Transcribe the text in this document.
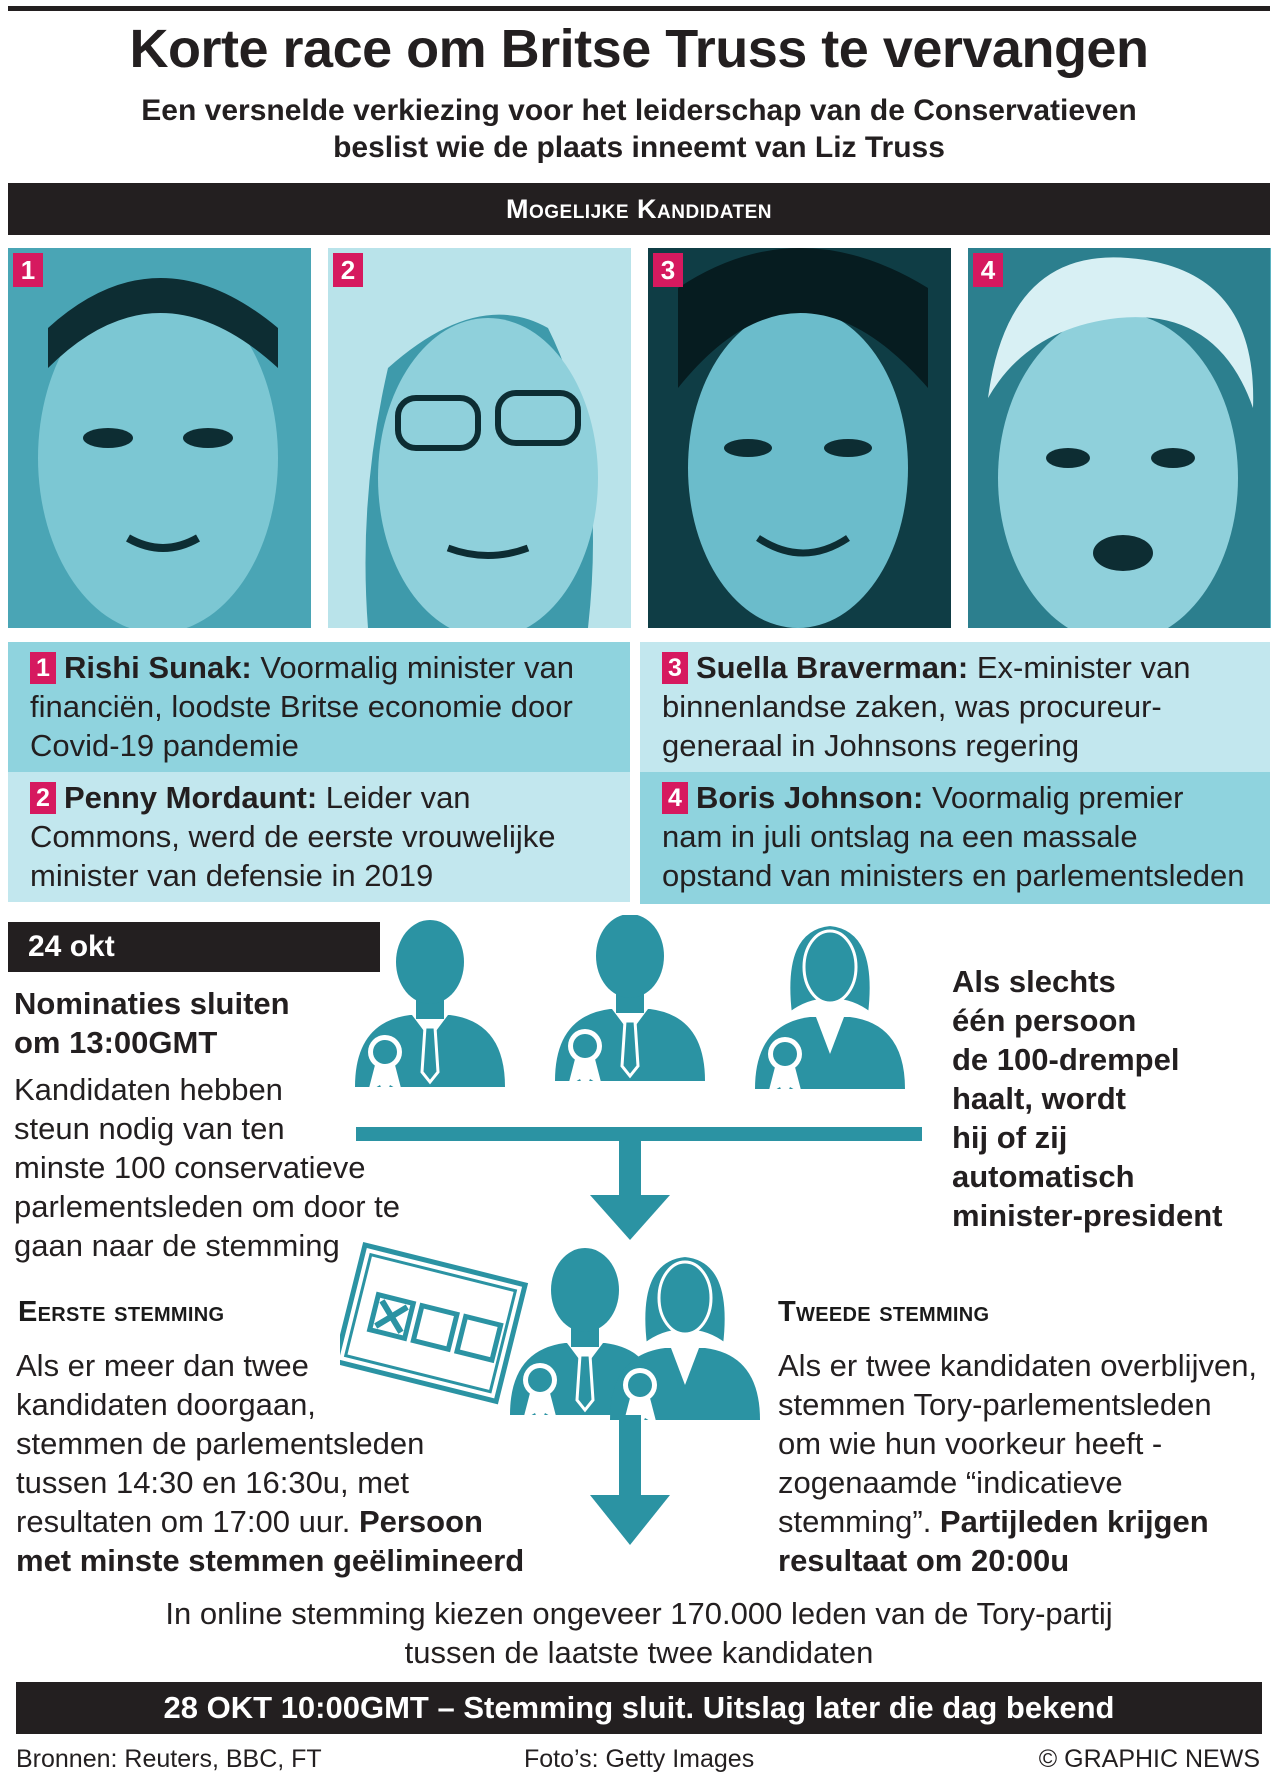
Korte race om Britse Truss te vervangen
Een versnelde verkiezing voor het leiderschap van de Conservatieven
beslist wie de plaats inneemt van Liz Truss
Mogelijke Kandidaten
1	2	3	4
1 Rishi Sunak: Voormalig minister van financiën, loodste Britse economie door Covid-19 pandemie
2 Penny Mordaunt: Leider van Commons, werd de eerste vrouwelijke minister van defensie in 2019
3 Suella Braverman: Ex-minister van binnenlandse zaken, was procureur-generaal in Johnsons regering
4 Boris Johnson: Voormalig premier nam in juli ontslag na een massale opstand van ministers en parlementsleden
24 okt
Nominaties sluiten
om 13:00GMT
Kandidaten hebben
steun nodig van ten
minste 100 conservatieve
parlementsleden om door te
gaan naar de stemming
Als slechts
één persoon
de 100-drempel
haalt, wordt
hij of zij
automatisch
minister-president
Eerste stemming
Als er meer dan twee
kandidaten doorgaan,
stemmen de parlementsleden
tussen 14:30 en 16:30u, met
resultaten om 17:00 uur. Persoon
met minste stemmen geëlimineerd
Tweede stemming
Als er twee kandidaten overblijven,
stemmen Tory-parlementsleden
om wie hun voorkeur heeft -
zogenaamde “indicatieve
stemming”. Partijleden krijgen
resultaat om 20:00u
In online stemming kiezen ongeveer 170.000 leden van de Tory-partij
tussen de laatste twee kandidaten
28 OKT 10:00GMT – Stemming sluit. Uitslag later die dag bekend
Bronnen: Reuters, BBC, FT	Foto’s: Getty Images	© GRAPHIC NEWS
